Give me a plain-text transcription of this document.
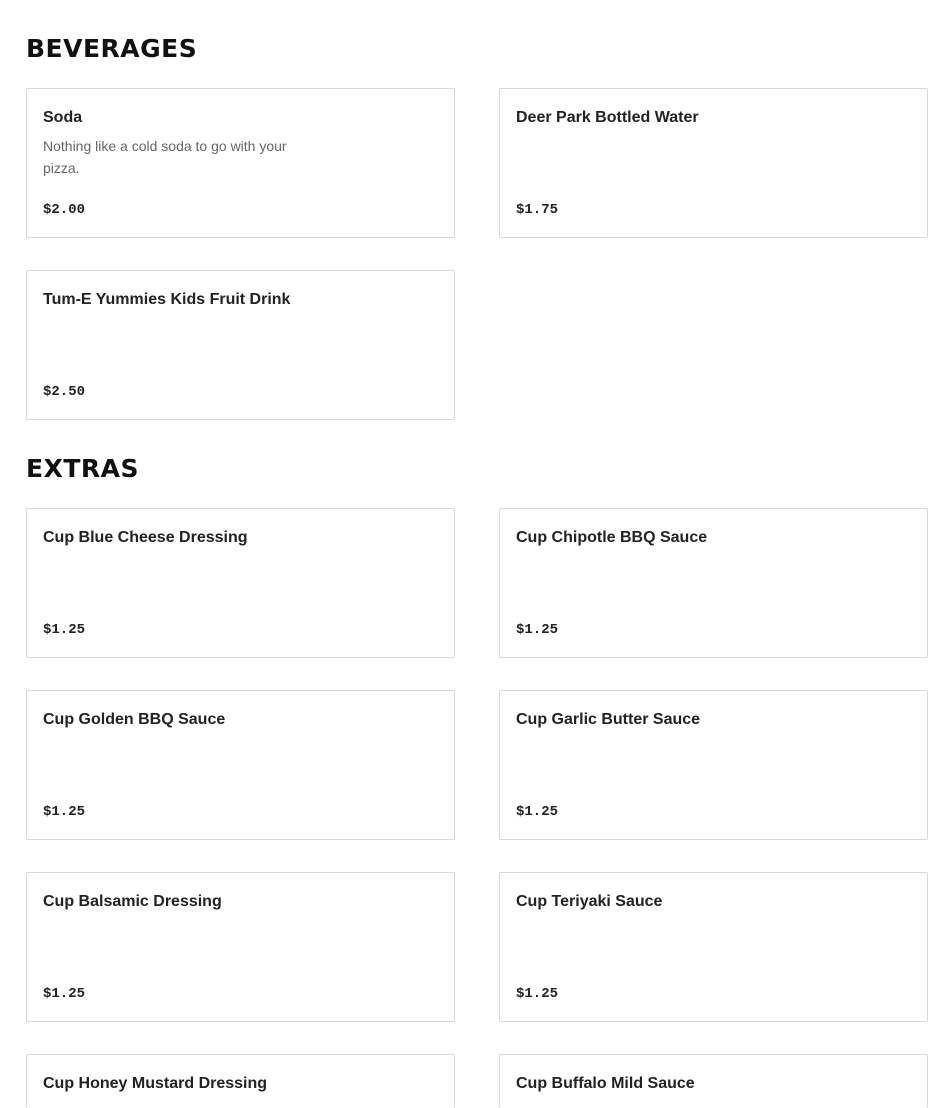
BEVERAGES
Soda
Nothing like a cold soda to go with your pizza.
$2.00
Deer Park Bottled Water
$1.75
Tum-E Yummies Kids Fruit Drink
$2.50
EXTRAS
Cup Blue Cheese Dressing
$1.25
Cup Chipotle BBQ Sauce
$1.25
Cup Golden BBQ Sauce
$1.25
Cup Garlic Butter Sauce
$1.25
Cup Balsamic Dressing
$1.25
Cup Teriyaki Sauce
$1.25
Cup Honey Mustard Dressing	Cup Buffalo Mild Sauce
